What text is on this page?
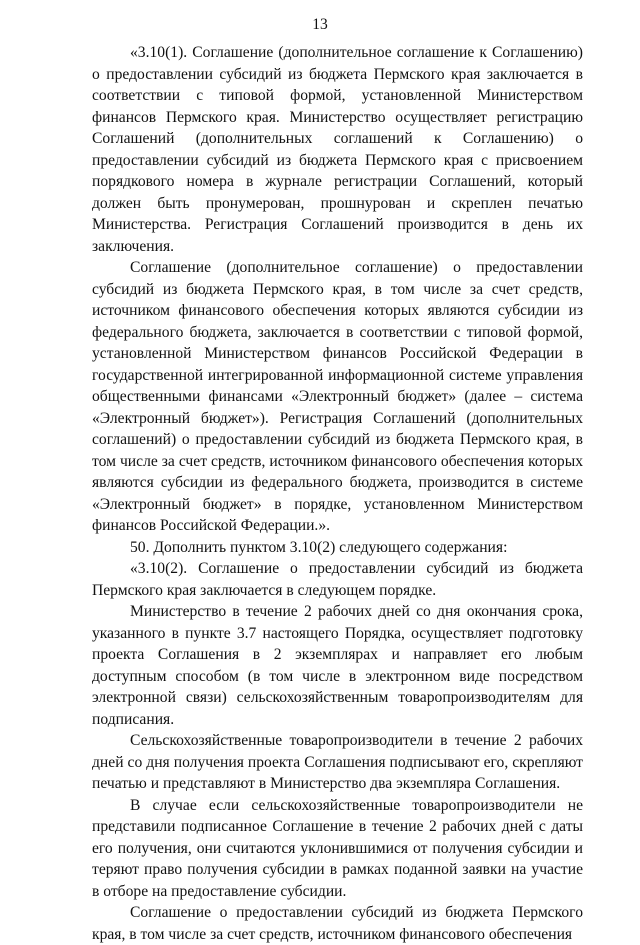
13

«3.10(1). Соглашение (дополнительное соглашение к Соглашению) о предоставлении субсидий из бюджета Пермского края заключается в соответствии с типовой формой, установленной Министерством финансов Пермского края. Министерство осуществляет регистрацию Соглашений (дополнительных соглашений к Соглашению) о предоставлении субсидий из бюджета Пермского края с присвоением порядкового номера в журнале регистрации Соглашений, который должен быть пронумерован, прошнурован и скреплен печатью Министерства. Регистрация Соглашений производится в день их заключения.

Соглашение (дополнительное соглашение) о предоставлении субсидий из бюджета Пермского края, в том числе за счет средств, источником финансового обеспечения которых являются субсидии из федерального бюджета, заключается в соответствии с типовой формой, установленной Министерством финансов Российской Федерации в государственной интегрированной информационной системе управления общественными финансами «Электронный бюджет» (далее – система «Электронный бюджет»). Регистрация Соглашений (дополнительных соглашений) о предоставлении субсидий из бюджета Пермского края, в том числе за счет средств, источником финансового обеспечения которых являются субсидии из федерального бюджета, производится в системе «Электронный бюджет» в порядке, установленном Министерством финансов Российской Федерации.».

50. Дополнить пунктом 3.10(2) следующего содержания:

«3.10(2). Соглашение о предоставлении субсидий из бюджета Пермского края заключается в следующем порядке.

Министерство в течение 2 рабочих дней со дня окончания срока, указанного в пункте 3.7 настоящего Порядка, осуществляет подготовку проекта Соглашения в 2 экземплярах и направляет его любым доступным способом (в том числе в электронном виде посредством электронной связи) сельскохозяйственным товаропроизводителям для подписания.

Сельскохозяйственные товаропроизводители в течение 2 рабочих дней со дня получения проекта Соглашения подписывают его, скрепляют печатью и представляют в Министерство два экземпляра Соглашения.

В случае если сельскохозяйственные товаропроизводители не представили подписанное Соглашение в течение 2 рабочих дней с даты его получения, они считаются уклонившимися от получения субсидии и теряют право получения субсидии в рамках поданной заявки на участие в отборе на предоставление субсидии.

Соглашение о предоставлении субсидий из бюджета Пермского края, в том числе за счет средств, источником финансового обеспечения
